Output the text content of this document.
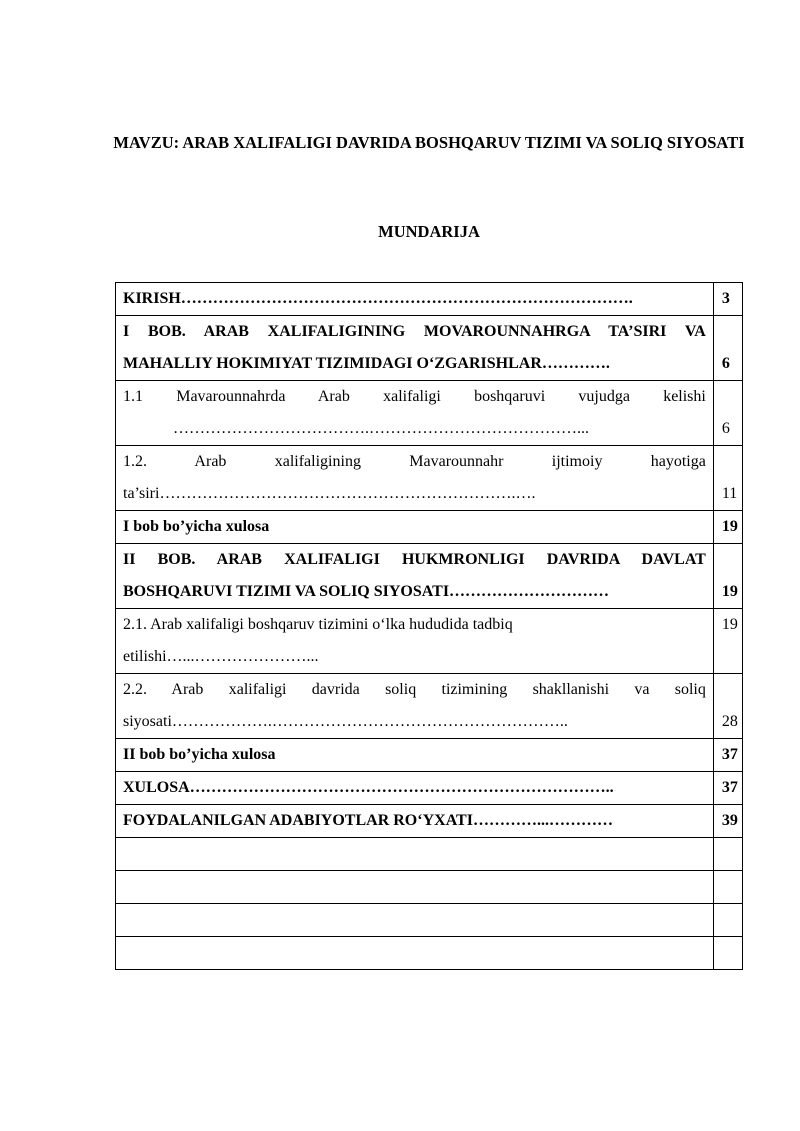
MAVZU: ARAB XALIFALIGI DAVRIDA BOSHQARUV TIZIMI VA SOLIQ SIYOSATI
MUNDARIJA
KIRISH………………………………………………………………………….	3

I BOB. ARAB XALIFALIGINING MOVAROUNNAHRGA TA’SIRI VA
MAHALLIY HOKIMIYAT TIZIMIDAGI O‘ZGARISHLAR………….	6

1.1 Mavarounnahrda Arab xalifaligi boshqaruvi vujudga kelishi
……………………………….…………………………………...	6

1.2. Arab xalifaligining Mavarounnahr ijtimoiy hayotiga
ta’siri………………………………………………………….….	11

I bob bo’yicha xulosa	19

II BOB. ARAB XALIFALIGI HUKMRONLIGI DAVRIDA DAVLAT
BOSHQARUVI TIZIMI VA SOLIQ SIYOSATI…………………………	19

2.1. Arab xalifaligi boshqaruv tizimini o‘lka hududida tadbiq
etilishi…...…………………...	19

2.2. Arab xalifaligi davrida soliq tizimining shakllanishi va soliq
siyosati……………….………………………………………………..	28

II bob bo’yicha xulosa	37
XULOSA……………………………………………………………………..	37
FOYDALANILGAN ADABIYOTLAR RO‘YXATI…………...…………	39
